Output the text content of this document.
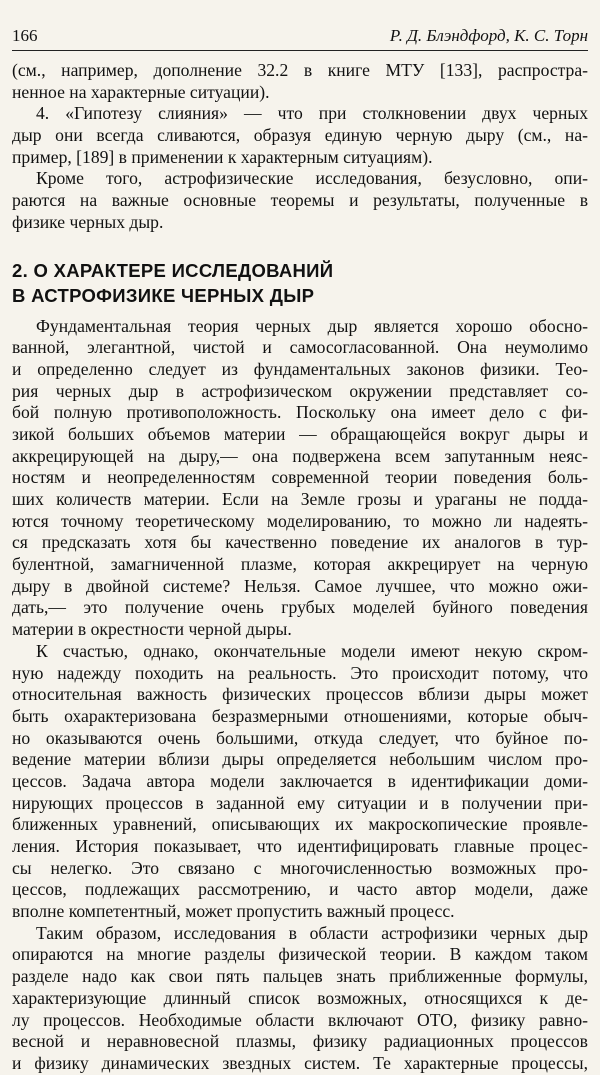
166	Р. Д. Блэндфорд, К. С. Торн
(см., например, дополнение 32.2 в книге МТУ [133], распростра-
ненное на характерные ситуации).
4. «Гипотезу слияния» — что при столкновении двух черных
дыр они всегда сливаются, образуя единую черную дыру (см., на-
пример, [189] в применении к характерным ситуациям).
Кроме того, астрофизические исследования, безусловно, опи-
раются на важные основные теоремы и результаты, полученные в
физике черных дыр.
2. О ХАРАКТЕРЕ ИССЛЕДОВАНИЙ
В АСТРОФИЗИКЕ ЧЕРНЫХ ДЫР
Фундаментальная теория черных дыр является хорошо обосно-
ванной, элегантной, чистой и самосогласованной. Она неумолимо
и определенно следует из фундаментальных законов физики. Тео-
рия черных дыр в астрофизическом окружении представляет со-
бой полную противоположность. Поскольку она имеет дело с фи-
зикой больших объемов материи — обращающейся вокруг дыры и
аккрецирующей на дыру,— она подвержена всем запутанным неяс-
ностям и неопределенностям современной теории поведения боль-
ших количеств материи. Если на Земле грозы и ураганы не подда-
ются точному теоретическому моделированию, то можно ли надеять-
ся предсказать хотя бы качественно поведение их аналогов в тур-
булентной, замагниченной плазме, которая аккрецирует на черную
дыру в двойной системе? Нельзя. Самое лучшее, что можно ожи-
дать,— это получение очень грубых моделей буйного поведения
материи в окрестности черной дыры.
К счастью, однако, окончательные модели имеют некую скром-
ную надежду походить на реальность. Это происходит потому, что
относительная важность физических процессов вблизи дыры может
быть охарактеризована безразмерными отношениями, которые обыч-
но оказываются очень большими, откуда следует, что буйное по-
ведение материи вблизи дыры определяется небольшим числом про-
цессов. Задача автора модели заключается в идентификации доми-
нирующих процессов в заданной ему ситуации и в получении при-
ближенных уравнений, описывающих их макроскопические проявле-
ления. История показывает, что идентифицировать главные процес-
сы нелегко. Это связано с многочисленностью возможных про-
цессов, подлежащих рассмотрению, и часто автор модели, даже
вполне компетентный, может пропустить важный процесс.
Таким образом, исследования в области астрофизики черных дыр
опираются на многие разделы физической теории. В каждом таком
разделе надо как свои пять пальцев знать приближенные формулы,
характеризующие длинный список возможных, относящихся к де-
лу процессов. Необходимые области включают ОТО, физику равно-
весной и неравновесной плазмы, физику радиационных процессов
и физику динамических звездных систем. Те характерные процессы,
